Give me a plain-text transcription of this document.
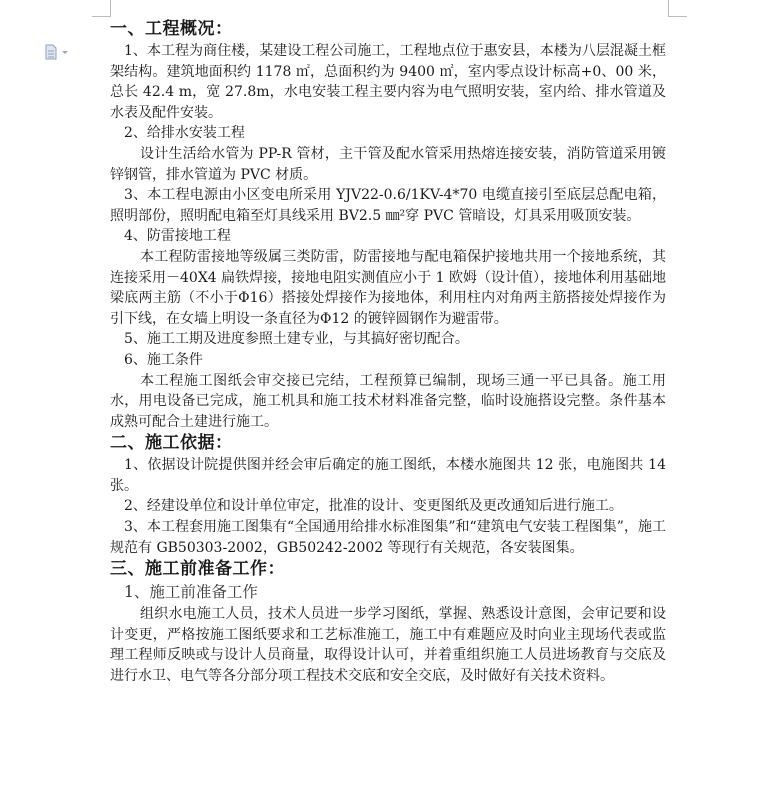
一、工程概况：

1、本工程为商住楼，某建设工程公司施工，工程地点位于惠安县，本楼为八层混凝土框架结构。建筑地面积约 1178 ㎡，总面积约为 9400 ㎡，室内零点设计标高+0、00 米，总长 42.4 m，宽 27.8m，水电安装工程主要内容为电气照明安装，室内给、排水管道及水表及配件安装。

2、给排水安装工程

设计生活给水管为 PP-R 管材，主干管及配水管采用热熔连接安装，消防管道采用镀锌钢管，排水管道为 PVC 材质。

3、本工程电源由小区变电所采用 YJV22-0.6/1KV-4*70 电缆直接引至底层总配电箱，照明部份，照明配电箱至灯具线采用 BV2.5 ㎜²穿 PVC 管暗设，灯具采用吸顶安装。

4、防雷接地工程

本工程防雷接地等级属三类防雷，防雷接地与配电箱保护接地共用一个接地系统，其连接采用－40X4 扁铁焊接，接地电阻实测值应小于 1 欧姆（设计值），接地体利用基础地梁底两主筋（不小于Φ16）搭接处焊接作为接地体，利用柱内对角两主筋搭接处焊接作为引下线，在女墙上明设一条直径为Φ12 的镀锌圆钢作为避雷带。

5、施工工期及进度参照土建专业，与其搞好密切配合。

6、施工条件

本工程施工图纸会审交接已完结，工程预算已编制，现场三通一平已具备。施工用水，用电设备已完成，施工机具和施工技术材料准备完整，临时设施搭设完整。条件基本成熟可配合土建进行施工。

二、施工依据：

1、依据设计院提供图并经会审后确定的施工图纸，本楼水施图共 12 张，电施图共 14 张。

2、经建设单位和设计单位审定，批准的设计、变更图纸及更改通知后进行施工。

3、本工程套用施工图集有“全国通用给排水标准图集”和“建筑电气安装工程图集”，施工规范有 GB50303-2002，GB50242-2002 等现行有关规范，各安装图集。

三、施工前准备工作：

1、施工前准备工作

组织水电施工人员，技术人员进一步学习图纸，掌握、熟悉设计意图，会审记要和设计变更，严格按施工图纸要求和工艺标准施工，施工中有难题应及时向业主现场代表或监理工程师反映或与设计人员商量，取得设计认可，并着重组织施工人员进场教育与交底及进行水卫、电气等各分部分项工程技术交底和安全交底，及时做好有关技术资料。
